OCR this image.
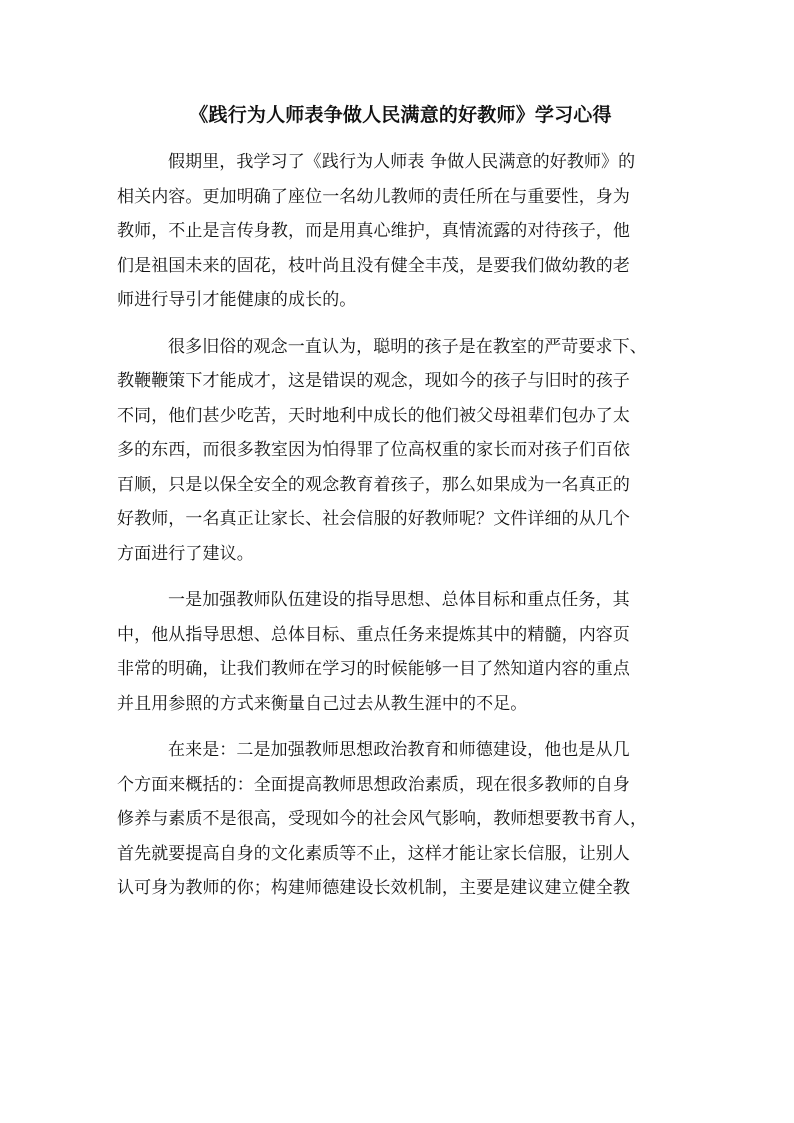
《践行为人师表争做人民满意的好教师》学习心得
假期里，我学习了《践行为人师表 争做人民满意的好教师》的
相关内容。更加明确了座位一名幼儿教师的责任所在与重要性，身为
教师，不止是言传身教，而是用真心维护，真情流露的对待孩子，他
们是祖国未来的固花，枝叶尚且没有健全丰茂，是要我们做幼教的老
师进行导引才能健康的成长的。
很多旧俗的观念一直认为，聪明的孩子是在教室的严苛要求下、
教鞭鞭策下才能成才，这是错误的观念，现如今的孩子与旧时的孩子
不同，他们甚少吃苦，天时地利中成长的他们被父母祖辈们包办了太
多的东西，而很多教室因为怕得罪了位高权重的家长而对孩子们百依
百顺，只是以保全安全的观念教育着孩子，那么如果成为一名真正的
好教师，一名真正让家长、社会信服的好教师呢？文件详细的从几个
方面进行了建议。
一是加强教师队伍建设的指导思想、总体目标和重点任务，其
中，他从指导思想、总体目标、重点任务来提炼其中的精髓，内容页
非常的明确，让我们教师在学习的时候能够一目了然知道内容的重点
并且用参照的方式来衡量自己过去从教生涯中的不足。
在来是：二是加强教师思想政治教育和师德建设，他也是从几
个方面来概括的：全面提高教师思想政治素质，现在很多教师的自身
修养与素质不是很高，受现如今的社会风气影响，教师想要教书育人，
首先就要提高自身的文化素质等不止，这样才能让家长信服，让别人
认可身为教师的你；构建师德建设长效机制，主要是建议建立健全教
